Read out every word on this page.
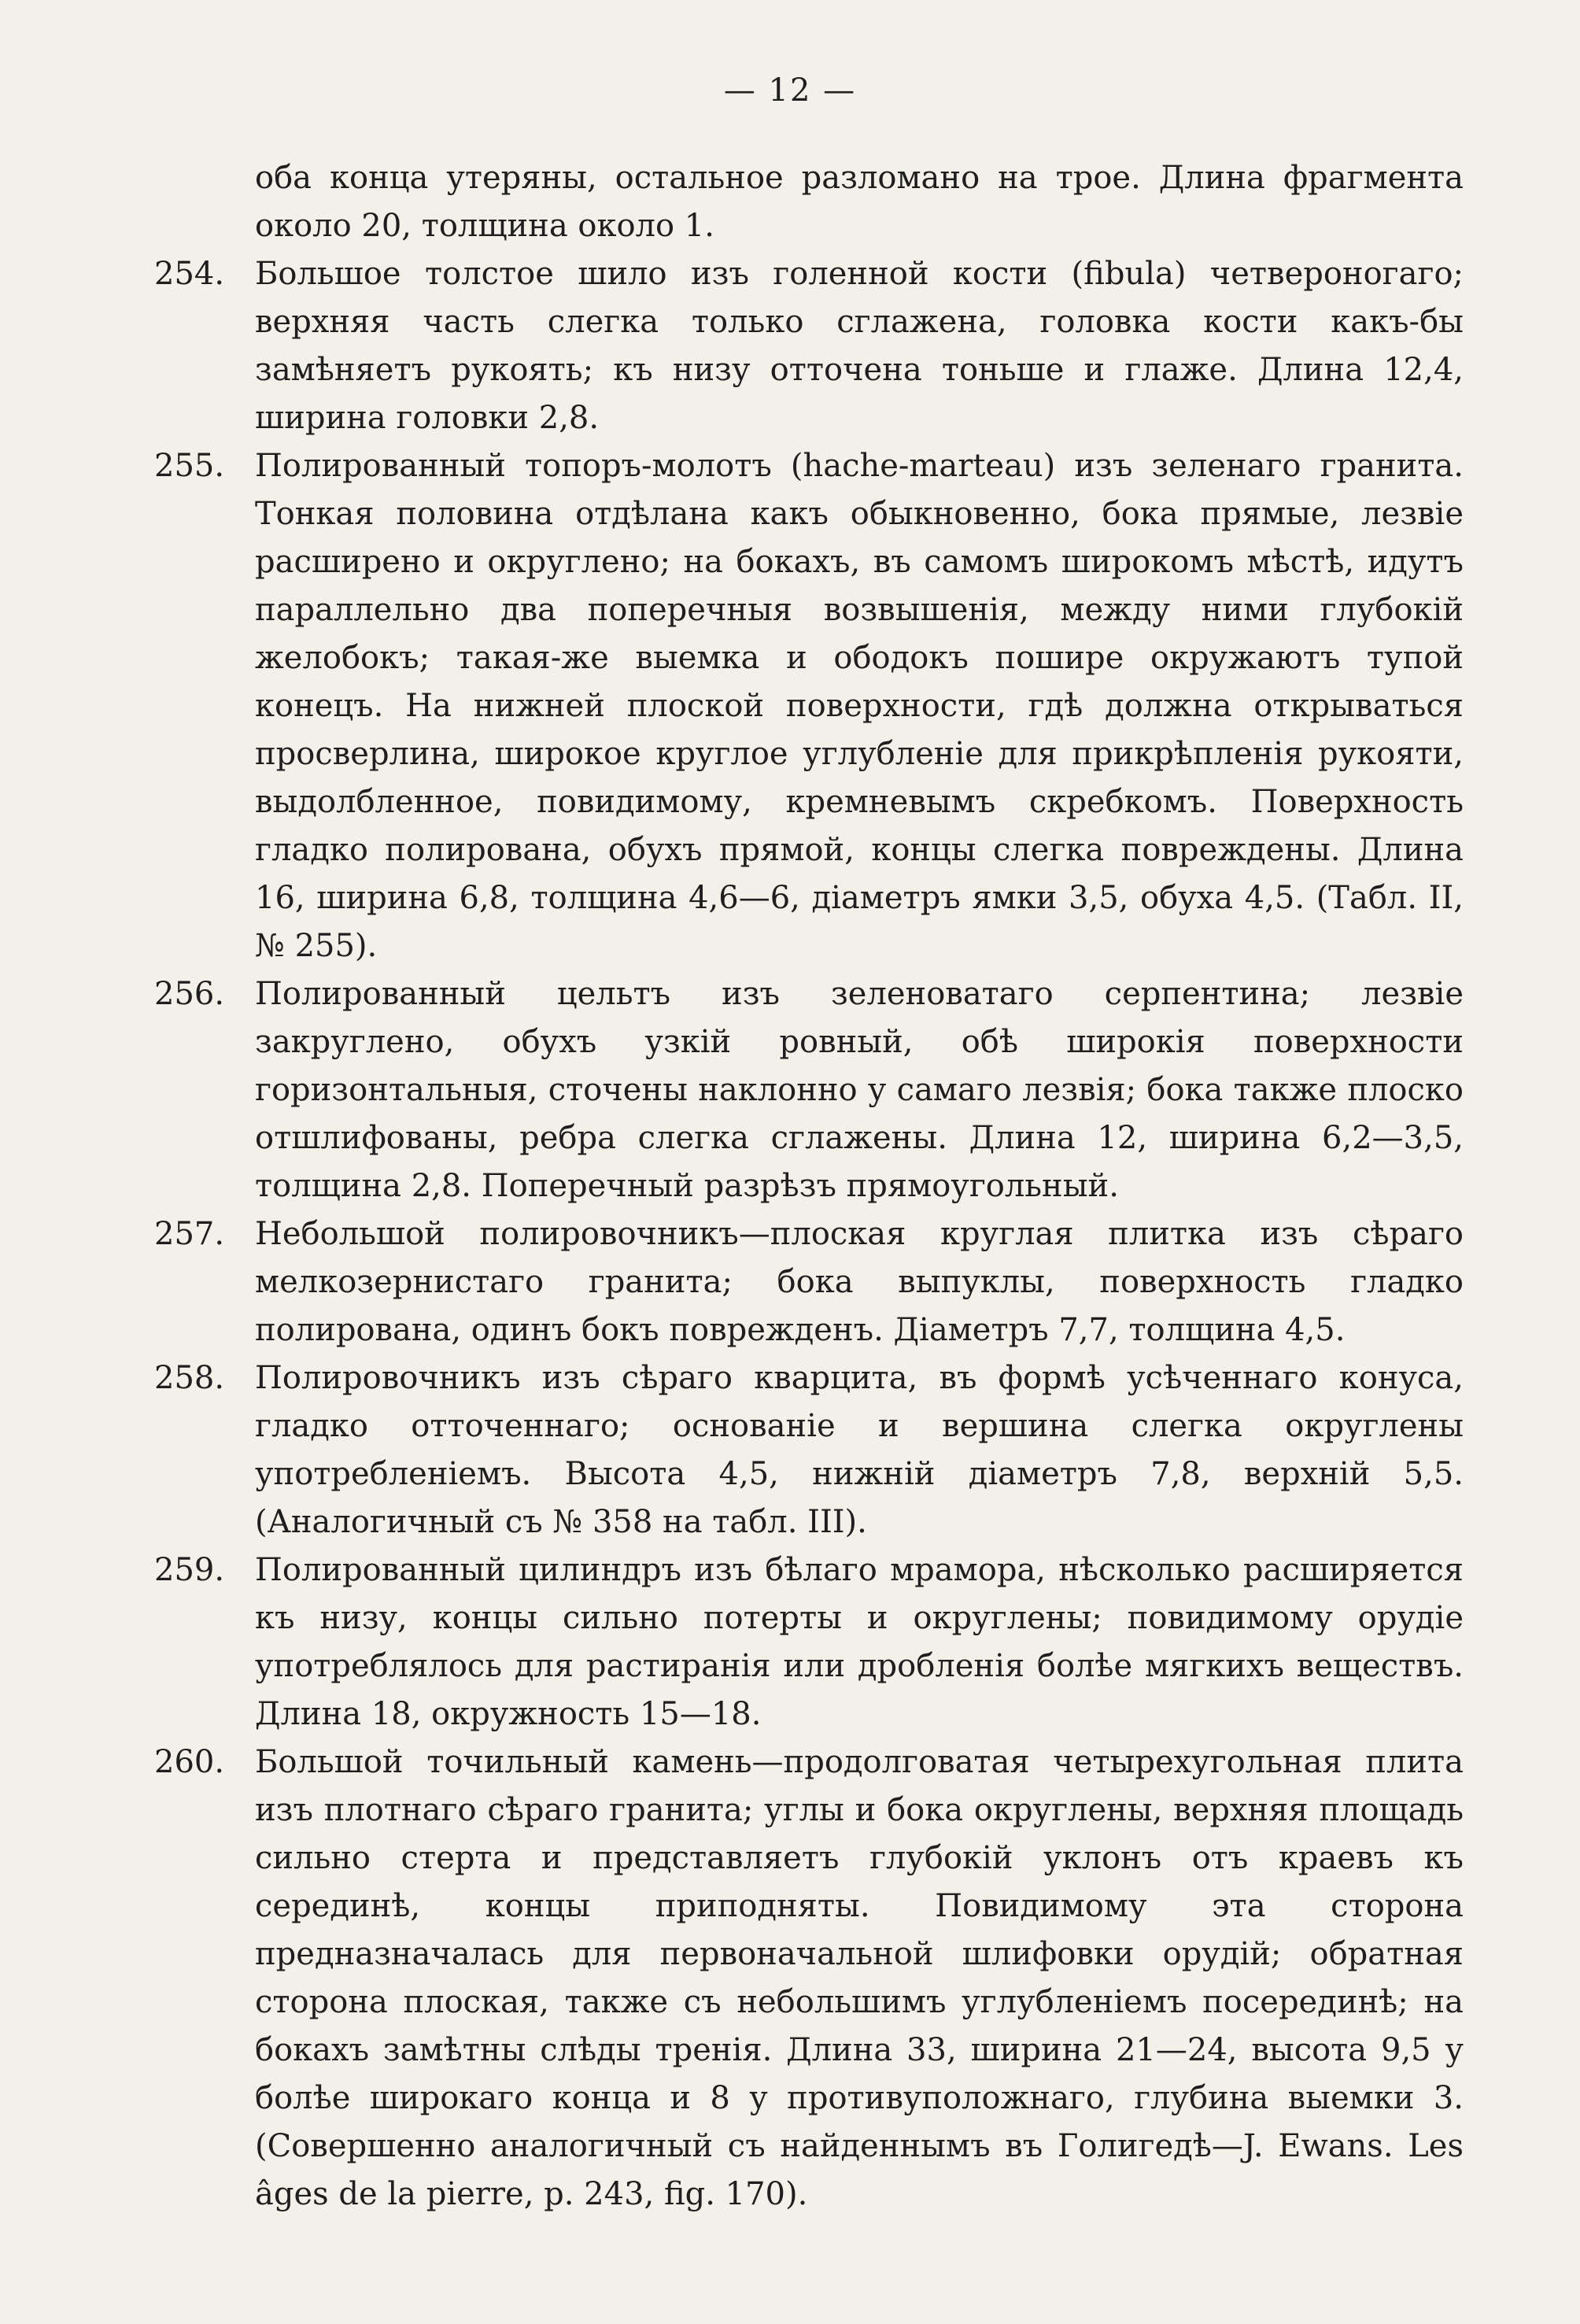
— 12 —

оба конца утеряны, остальное разломано на трое. Длина фрагмента около 20, толщина около 1.

254. Большое толстое шило изъ голенной кости (fibula) четвероногаго; верхняя часть слегка только сглажена, головка кости какъ-бы замѣняетъ рукоять; къ низу отточена тоньше и глаже. Длина 12,4, ширина головки 2,8.
255. Полированный топоръ-молотъ (hache-marteau) изъ зеленаго гранита. Тонкая половина отдѣлана какъ обыкновенно, бока прямые, лезвіе расширено и округлено; на бокахъ, въ самомъ широкомъ мѣстѣ, идутъ параллельно два поперечныя возвышенія, между ними глубокій желобокъ; такая-же выемка и ободокъ пошире окружаютъ тупой конецъ. На нижней плоской поверхности, гдѣ должна открываться просверлина, широкое круглое углубленіе для прикрѣпленія рукояти, выдолбленное, повидимому, кремневымъ скребкомъ. Поверхность гладко полирована, обухъ прямой, концы слегка повреждены. Длина 16, ширина 6,8, толщина 4,6—6, діаметръ ямки 3,5, обуха 4,5. (Табл. II, № 255).
256. Полированный цельтъ изъ зеленоватаго серпентина; лезвіе закруглено, обухъ узкій ровный, обѣ широкія поверхности горизонтальныя, сточены наклонно у самаго лезвія; бока также плоско отшлифованы, ребра слегка сглажены. Длина 12, ширина 6,2—3,5, толщина 2,8. Поперечный разрѣзъ прямоугольный.
257. Небольшой полировочникъ—плоская круглая плитка изъ сѣраго мелкозернистаго гранита; бока выпуклы, поверхность гладко полирована, одинъ бокъ поврежденъ. Діаметръ 7,7, толщина 4,5.
258. Полировочникъ изъ сѣраго кварцита, въ формѣ усѣченнаго конуса, гладко отточеннаго; основаніе и вершина слегка округлены употребленіемъ. Высота 4,5, нижній діаметръ 7,8, верхній 5,5. (Аналогичный съ № 358 на табл. III).
259. Полированный цилиндръ изъ бѣлаго мрамора, нѣсколько расширяется къ низу, концы сильно потерты и округлены; повидимому орудіе употреблялось для растиранія или дробленія болѣе мягкихъ веществъ. Длина 18, окружность 15—18.
260. Большой точильный камень—продолговатая четырехугольная плита изъ плотнаго сѣраго гранита; углы и бока округлены, верхняя площадь сильно стерта и представляетъ глубокій уклонъ отъ краевъ къ серединѣ, концы приподняты. Повидимому эта сторона предназначалась для первоначальной шлифовки орудій; обратная сторона плоская, также съ небольшимъ углубленіемъ посерединѣ; на бокахъ замѣтны слѣды тренія. Длина 33, ширина 21—24, высота 9,5 у болѣе широкаго конца и 8 у противуположнаго, глубина выемки 3. (Совершенно аналогичный съ найденнымъ въ Голигедѣ—J. Ewans. Les âges de la pierre, p. 243, fig. 170).
